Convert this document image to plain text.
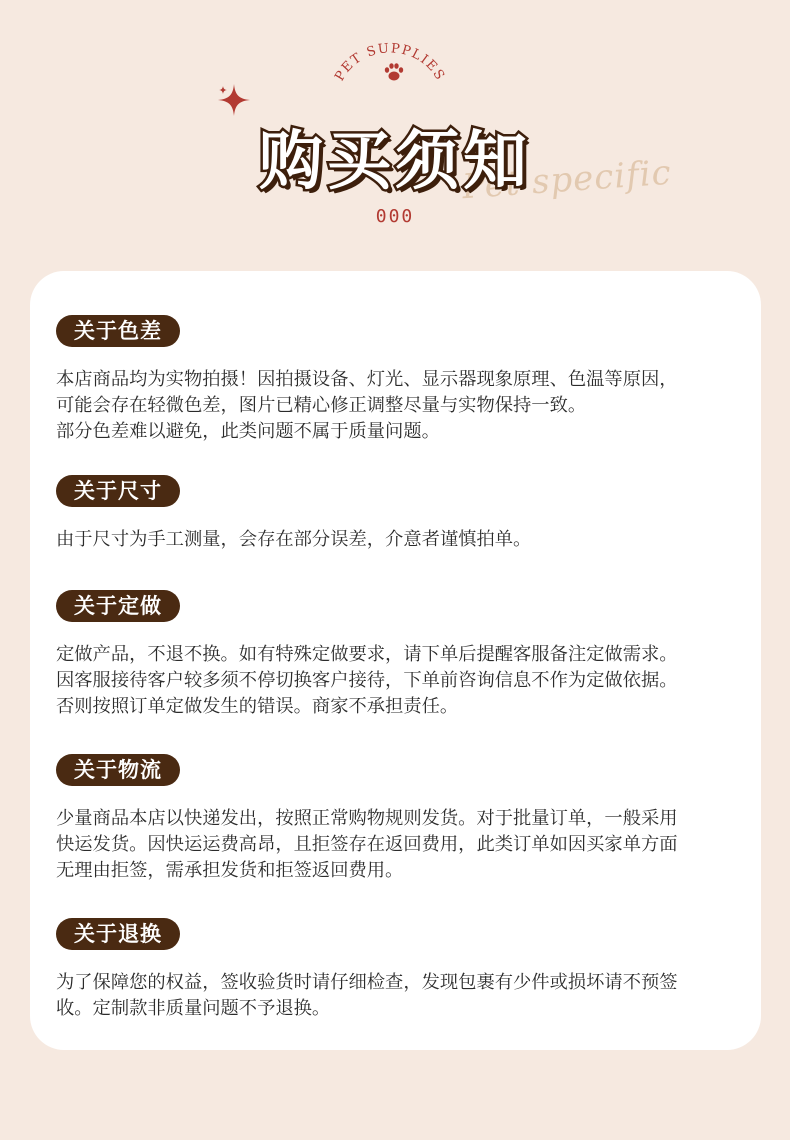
PET SUPPLIES
Pet specific
购买须知
000
关于色差

本店商品均为实物拍摄！因拍摄设备、灯光、显示器现象原理、色温等原因，

可能会存在轻微色差，图片已精心修正调整尽量与实物保持一致。

部分色差难以避免，此类问题不属于质量问题。

关于尺寸

由于尺寸为手工测量，会存在部分误差，介意者谨慎拍单。

关于定做

定做产品，不退不换。如有特殊定做要求，请下单后提醒客服备注定做需求。

因客服接待客户较多须不停切换客户接待，下单前咨询信息不作为定做依据。

否则按照订单定做发生的错误。商家不承担责任。

关于物流

少量商品本店以快递发出，按照正常购物规则发货。对于批量订单，一般采用

快运发货。因快运运费高昂，且拒签存在返回费用，此类订单如因买家单方面

无理由拒签，需承担发货和拒签返回费用。

关于退换

为了保障您的权益，签收验货时请仔细检查，发现包裹有少件或损坏请不预签

收。定制款非质量问题不予退换。
